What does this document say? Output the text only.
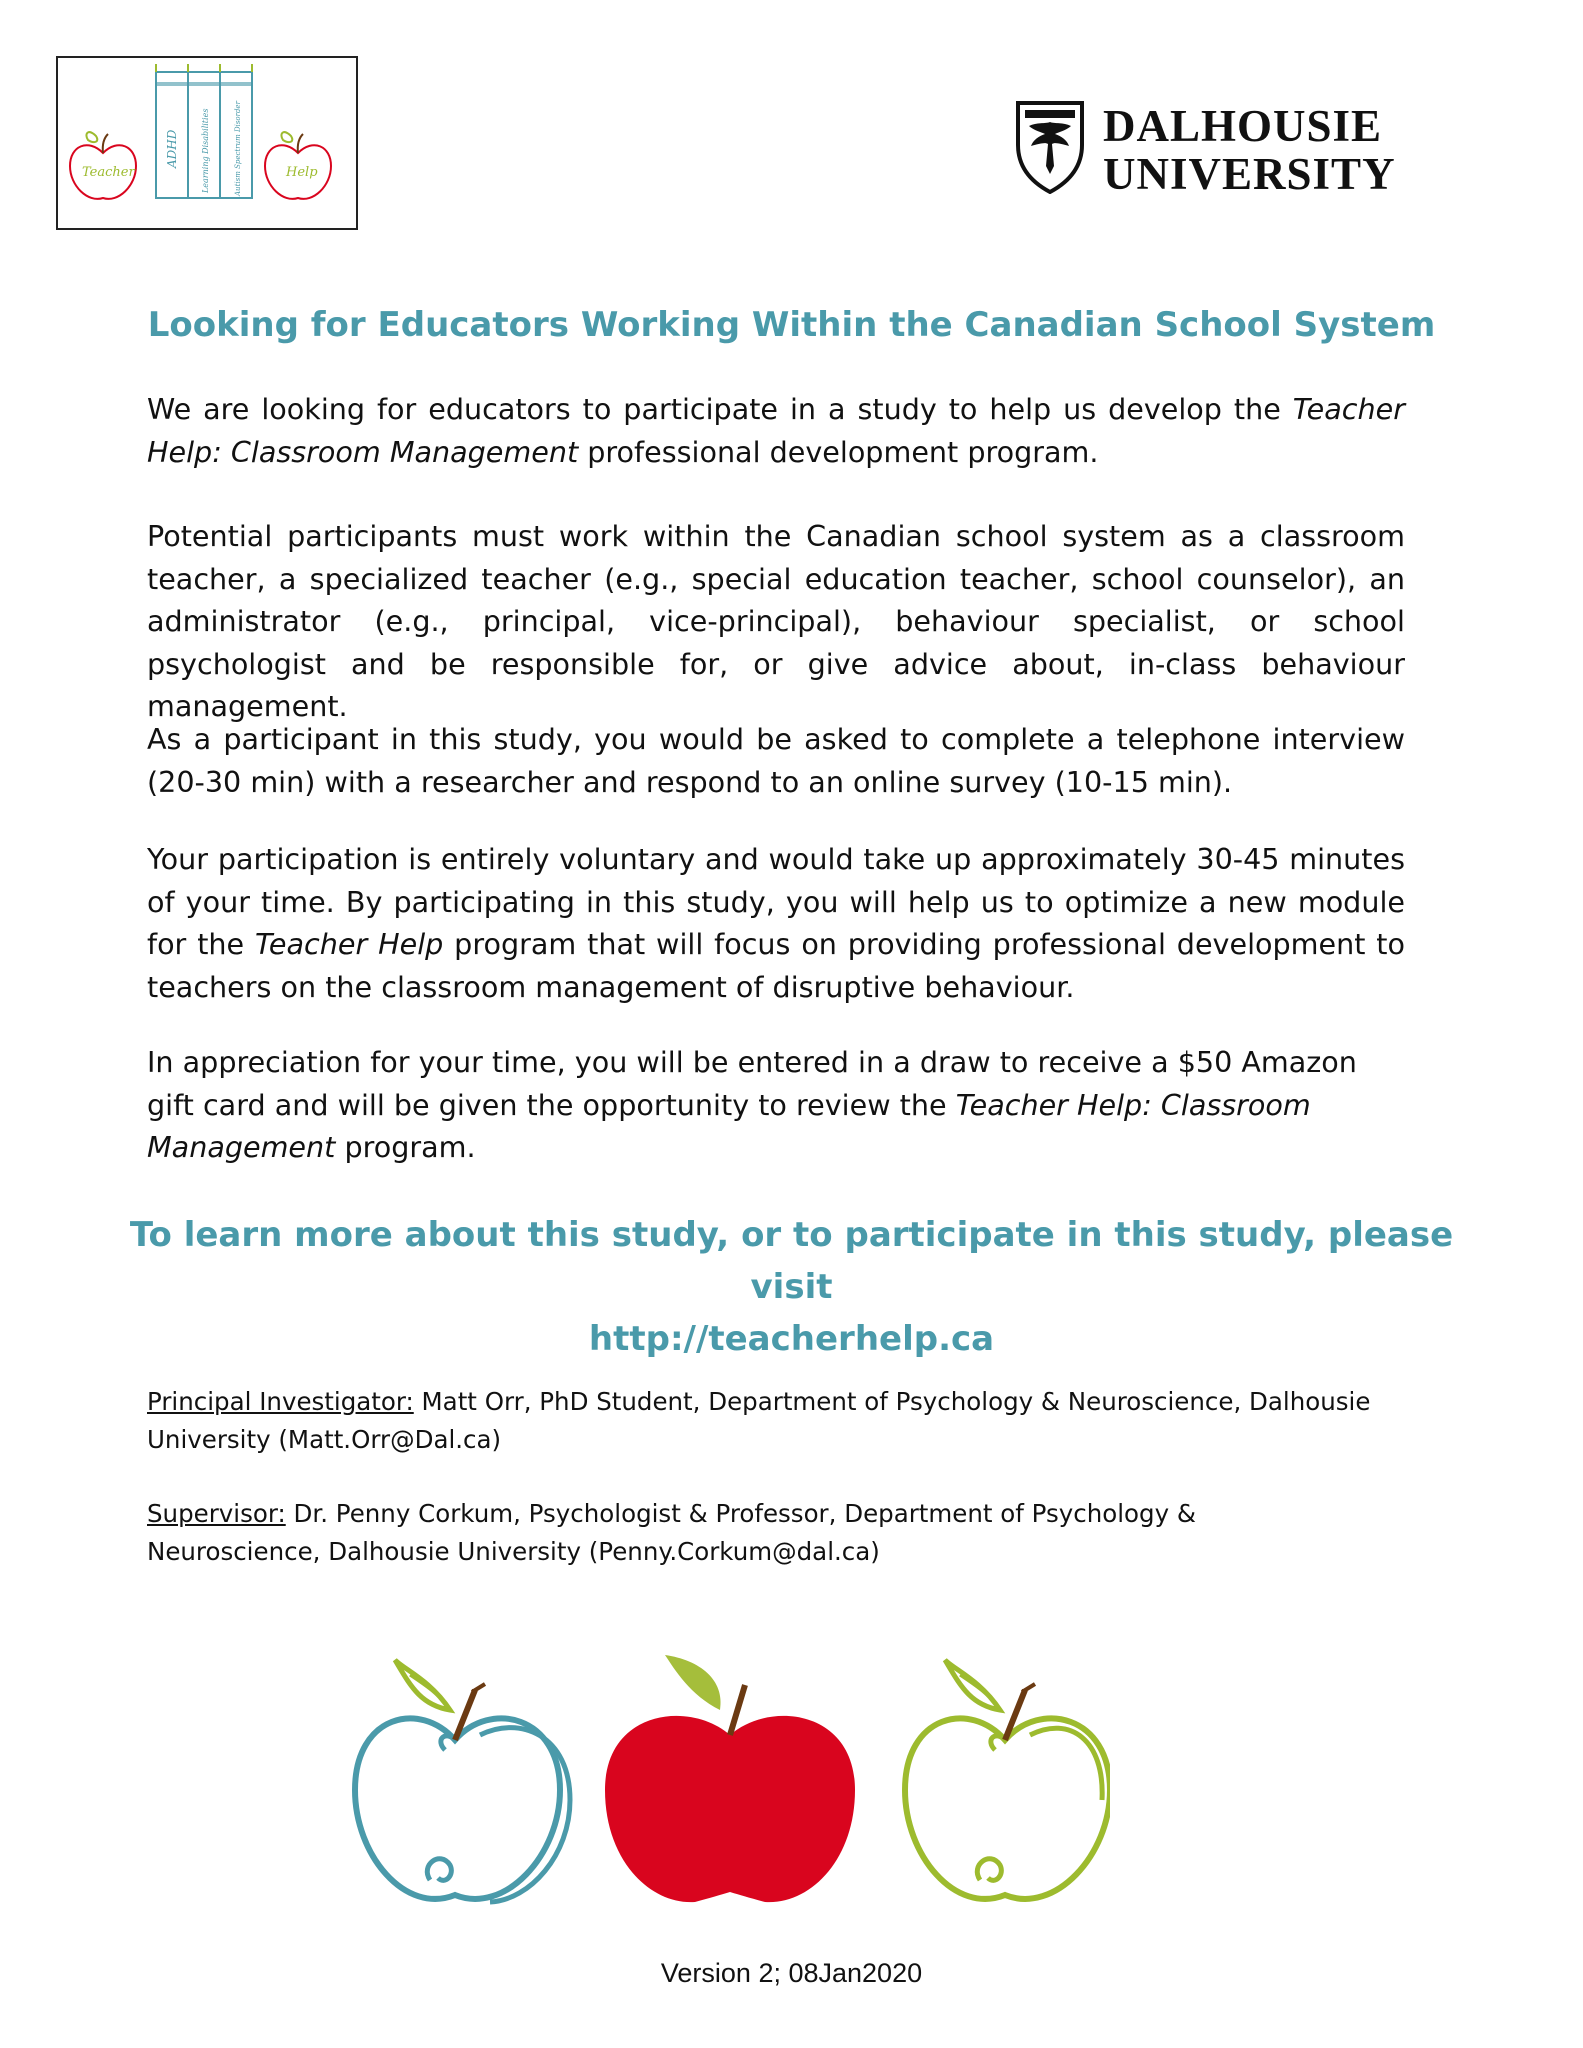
Teacher
ADHD	Learning Disabilities	Autism Spectrum Disorder	Help
DALHOUSIE
UNIVERSITY
Looking for Educators Working Within the Canadian School System
We are looking for educators to participate in a study to help us develop the Teacher Help: Classroom Management professional development program.
Potential participants must work within the Canadian school system as a classroom teacher, a specialized teacher (e.g., special education teacher, school counselor), an administrator (e.g., principal, vice-principal), behaviour specialist, or school psychologist and be responsible for, or give advice about, in-class behaviour management.
As a participant in this study, you would be asked to complete a telephone interview (20-30 min) with a researcher and respond to an online survey (10-15 min).
Your participation is entirely voluntary and would take up approximately 30-45 minutes of your time. By participating in this study, you will help us to optimize a new module for the Teacher Help program that will focus on providing professional development to teachers on the classroom management of disruptive behaviour.
In appreciation for your time, you will be entered in a draw to receive a $50 Amazon gift card and will be given the opportunity to review the Teacher Help: Classroom Management program.
To learn more about this study, or to participate in this study, please visit
http://teacherhelp.ca
Principal Investigator: Matt Orr, PhD Student, Department of Psychology & Neuroscience, Dalhousie University (Matt.Orr@Dal.ca)
Supervisor: Dr. Penny Corkum, Psychologist & Professor, Department of Psychology & Neuroscience, Dalhousie University (Penny.Corkum@dal.ca)
Version 2; 08Jan2020
